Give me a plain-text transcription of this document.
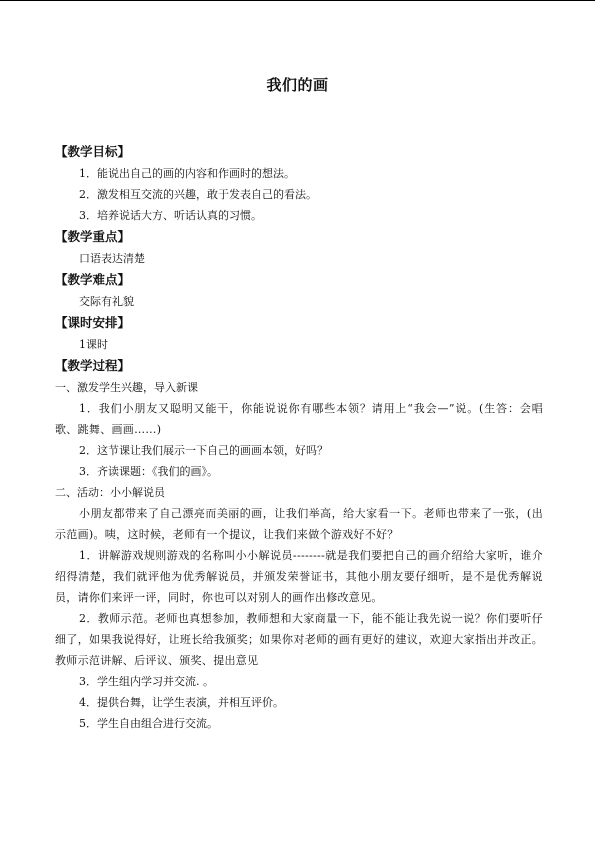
我们的画
【教学目标】
1．能说出自己的画的内容和作画时的想法。
2．激发相互交流的兴趣，敢于发表自己的看法。
3．培养说话大方、听话认真的习惯。
【教学重点】
口语表达清楚
【教学难点】
交际有礼貌
【课时安排】
1课时
【教学过程】
一、激发学生兴趣，导入新课
1．我们小朋友又聪明又能干，你能说说你有哪些本领？请用上“我会—”说。(生答：会唱歌、跳舞、画画……)
2．这节课让我们展示一下自己的画画本领，好吗？
3．齐读课题：《我们的画》。
二、活动：小小解说员
小朋友都带来了自己漂亮而美丽的画，让我们举高，给大家看一下。老师也带来了一张，(出示范画)。咦，这时候，老师有一个提议，让我们来做个游戏好不好？
1．讲解游戏规则游戏的名称叫小小解说员--------就是我们要把自己的画介绍给大家听，谁介绍得清楚，我们就评他为优秀解说员，并颁发荣誉证书，其他小朋友要仔细听，是不是优秀解说员，请你们来评一评，同时，你也可以对别人的画作出修改意见。
2．教师示范。老师也真想参加，教师想和大家商量一下，能不能让我先说一说？你们要听仔细了，如果我说得好，让班长给我颁奖；如果你对老师的画有更好的建议，欢迎大家指出并改正。教师示范讲解、后评议、颁奖、提出意见
3．学生组内学习并交流. 。
4．提供台舞，让学生表演，并相互评价。
5．学生自由组合进行交流。
